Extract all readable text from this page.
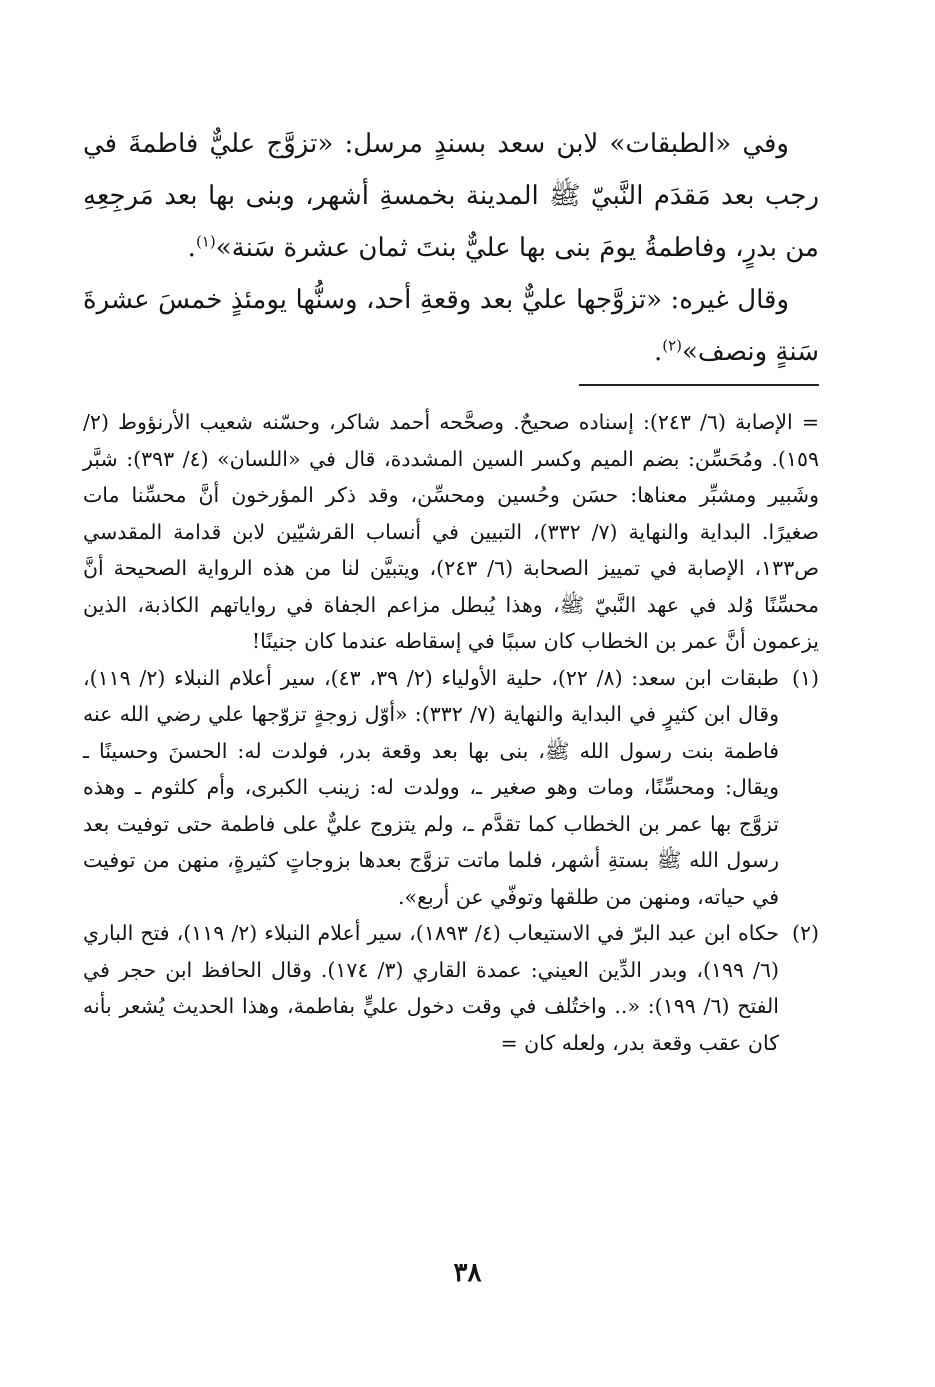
وفي «الطبقات» لابن سعد بسندٍ مرسل: «تزوَّج عليٌّ فاطمةَ في رجب بعد مَقدَم النَّبيّ ﷺ المدينة بخمسةِ أشهر، وبنى بها بعد مَرجِعِهِ من بدرٍ، وفاطمةُ يومَ بنى بها عليٌّ بنتَ ثمان عشرة سَنة»$^{(١)}$.

وقال غيره: «تزوَّجها عليٌّ بعد وقعةِ أحد، وسنُّها يومئذٍ خمسَ عشرةَ سَنةٍ ونصف»$^{(٢)}$.

= الإصابة (٦/ ٢٤٣): إسناده صحيحٌ. وصحَّحه أحمد شاكر، وحسّنه شعيب الأرنؤوط (٢/ ١٥٩). ومُحَسِّن: بضم الميم وكسر السين المشددة، قال في «اللسان» (٤/ ٣٩٣): شبَّر وشَبير ومشبِّر معناها: حسَن وحُسين ومحسِّن، وقد ذكر المؤرخون أنَّ محسِّنا مات صغيرًا. البداية والنهاية (٧/ ٣٣٢)، التبيين في أنساب القرشيّين لابن قدامة المقدسي ص١٣٣، الإصابة في تمييز الصحابة (٦/ ٢٤٣)، ويتبيَّن لنا من هذه الرواية الصحيحة أنَّ محسِّنًا وُلد في عهد النَّبيّ ﷺ، وهذا يُبطل مزاعم الجفاة في رواياتهم الكاذبة، الذين يزعمون أنَّ عمر بن الخطاب كان سببًا في إسقاطه عندما كان جنينًا!

(١)
طبقات ابن سعد: (٨/ ٢٢)، حلية الأولياء (٢/ ٣٩، ٤٣)، سير أعلام النبلاء (٢/ ١١٩)، وقال ابن كثيرٍ في البداية والنهاية (٧/ ٣٣٢): «أوّل زوجةٍ تزوّجها علي رضي الله عنه فاطمة بنت رسول الله ﷺ، بنى بها بعد وقعة بدر، فولدت له: الحسنَ وحسينًا ـ ويقال: ومحسِّنًا، ومات وهو صغير ـ، وولدت له: زينب الكبرى، وأم كلثوم ـ وهذه تزوَّج بها عمر بن الخطاب كما تقدَّم ـ، ولم يتزوج عليٌّ على فاطمة حتى توفيت بعد رسول الله ﷺ بستةِ أشهر، فلما ماتت تزوَّج بعدها بزوجاتٍ كثيرةٍ، منهن من توفيت في حياته، ومنهن من طلقها وتوفّي عن أربع».

(٢)
حكاه ابن عبد البرّ في الاستيعاب (٤/ ١٨٩٣)، سير أعلام النبلاء (٢/ ١١٩)، فتح الباري (٦/ ١٩٩)، وبدر الدِّين العيني: عمدة القاري (٣/ ١٧٤). وقال الحافظ ابن حجر في الفتح (٦/ ١٩٩): «.. واختُلف في وقت دخول عليٍّ بفاطمة، وهذا الحديث يُشعر بأنه كان عقب وقعة بدر، ولعله كان =

٣٨
